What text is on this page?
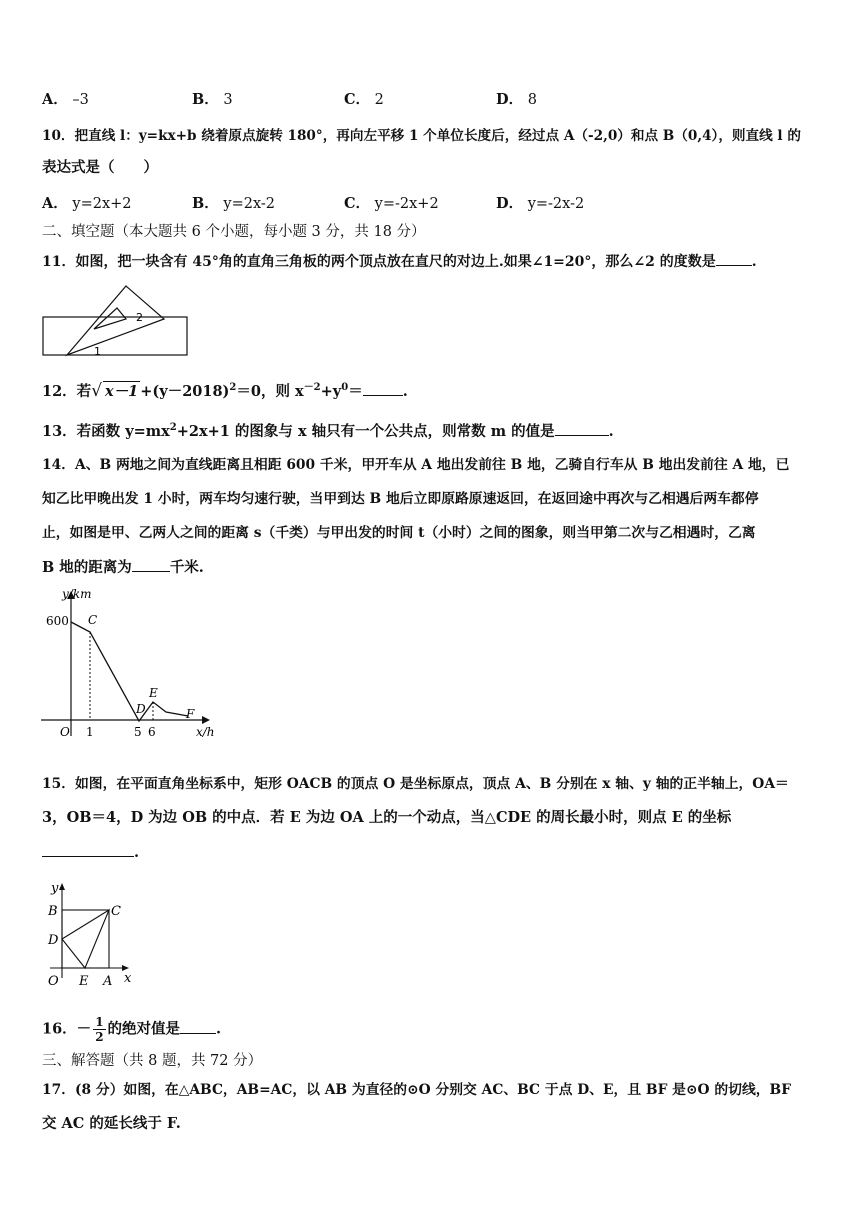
A． –3	B． 3	C． 2	D． 8
10．把直线 l：y=kx+b 绕着原点旋转 180°，再向左平移 1 个单位长度后，经过点 A（-2,0）和点 B（0,4），则直线 l 的
表达式是（　　）
A． y=2x+2	B． y=2x-2	C． y=-2x+2	D． y=-2x-2
二、填空题（本大题共 6 个小题，每小题 3 分，共 18 分）
11．如图，把一块含有 45°角的直角三角板的两个顶点放在直尺的对边上.如果∠1=20°，那么∠2 的度数是	.
2
1
12．若√ $x-1 +(y-2018)^2=0$，则 $x^{-2}+y^0=$	.
13．若函数 $y=mx^2+2x+1$ 的图象与 x 轴只有一个公共点，则常数 m 的值是	.
14．A、B 两地之间为直线距离且相距 600 千米，甲开车从 A 地出发前往 B 地，乙骑自行车从 B 地出发前往 A 地，已
知乙比甲晚出发 1 小时，两车均匀速行驶，当甲到达 B 地后立即原路原速返回，在返回途中再次与乙相遇后两车都停
止，如图是甲、乙两人之间的距离 s（千类）与甲出发的时间 t（小时）之间的图象，则当甲第二次与乙相遇时，乙离
B 地的距离为	千米.
y/km
x/h
O
600
1	5 6
C
D
E
F
15．如图，在平面直角坐标系中，矩形 OACB 的顶点 O 是坐标原点，顶点 A、B 分别在 x 轴、y 轴的正半轴上，OA＝
3，OB＝4，D 为边 OB 的中点．若 E 为边 OA 上的一个动点，当△CDE 的周长最小时，则点 E 的坐标
.
y
B	C
D
O E A x
16．－ $\frac{1}{2}$ 的绝对值是 .
三、解答题（共 8 题，共 72 分）
17．(8 分）如图，在△ABC，AB=AC，以 AB 为直径的⊙O 分别交 AC、BC 于点 D、E，且 BF 是⊙O 的切线，BF
交 AC 的延长线于 F.
